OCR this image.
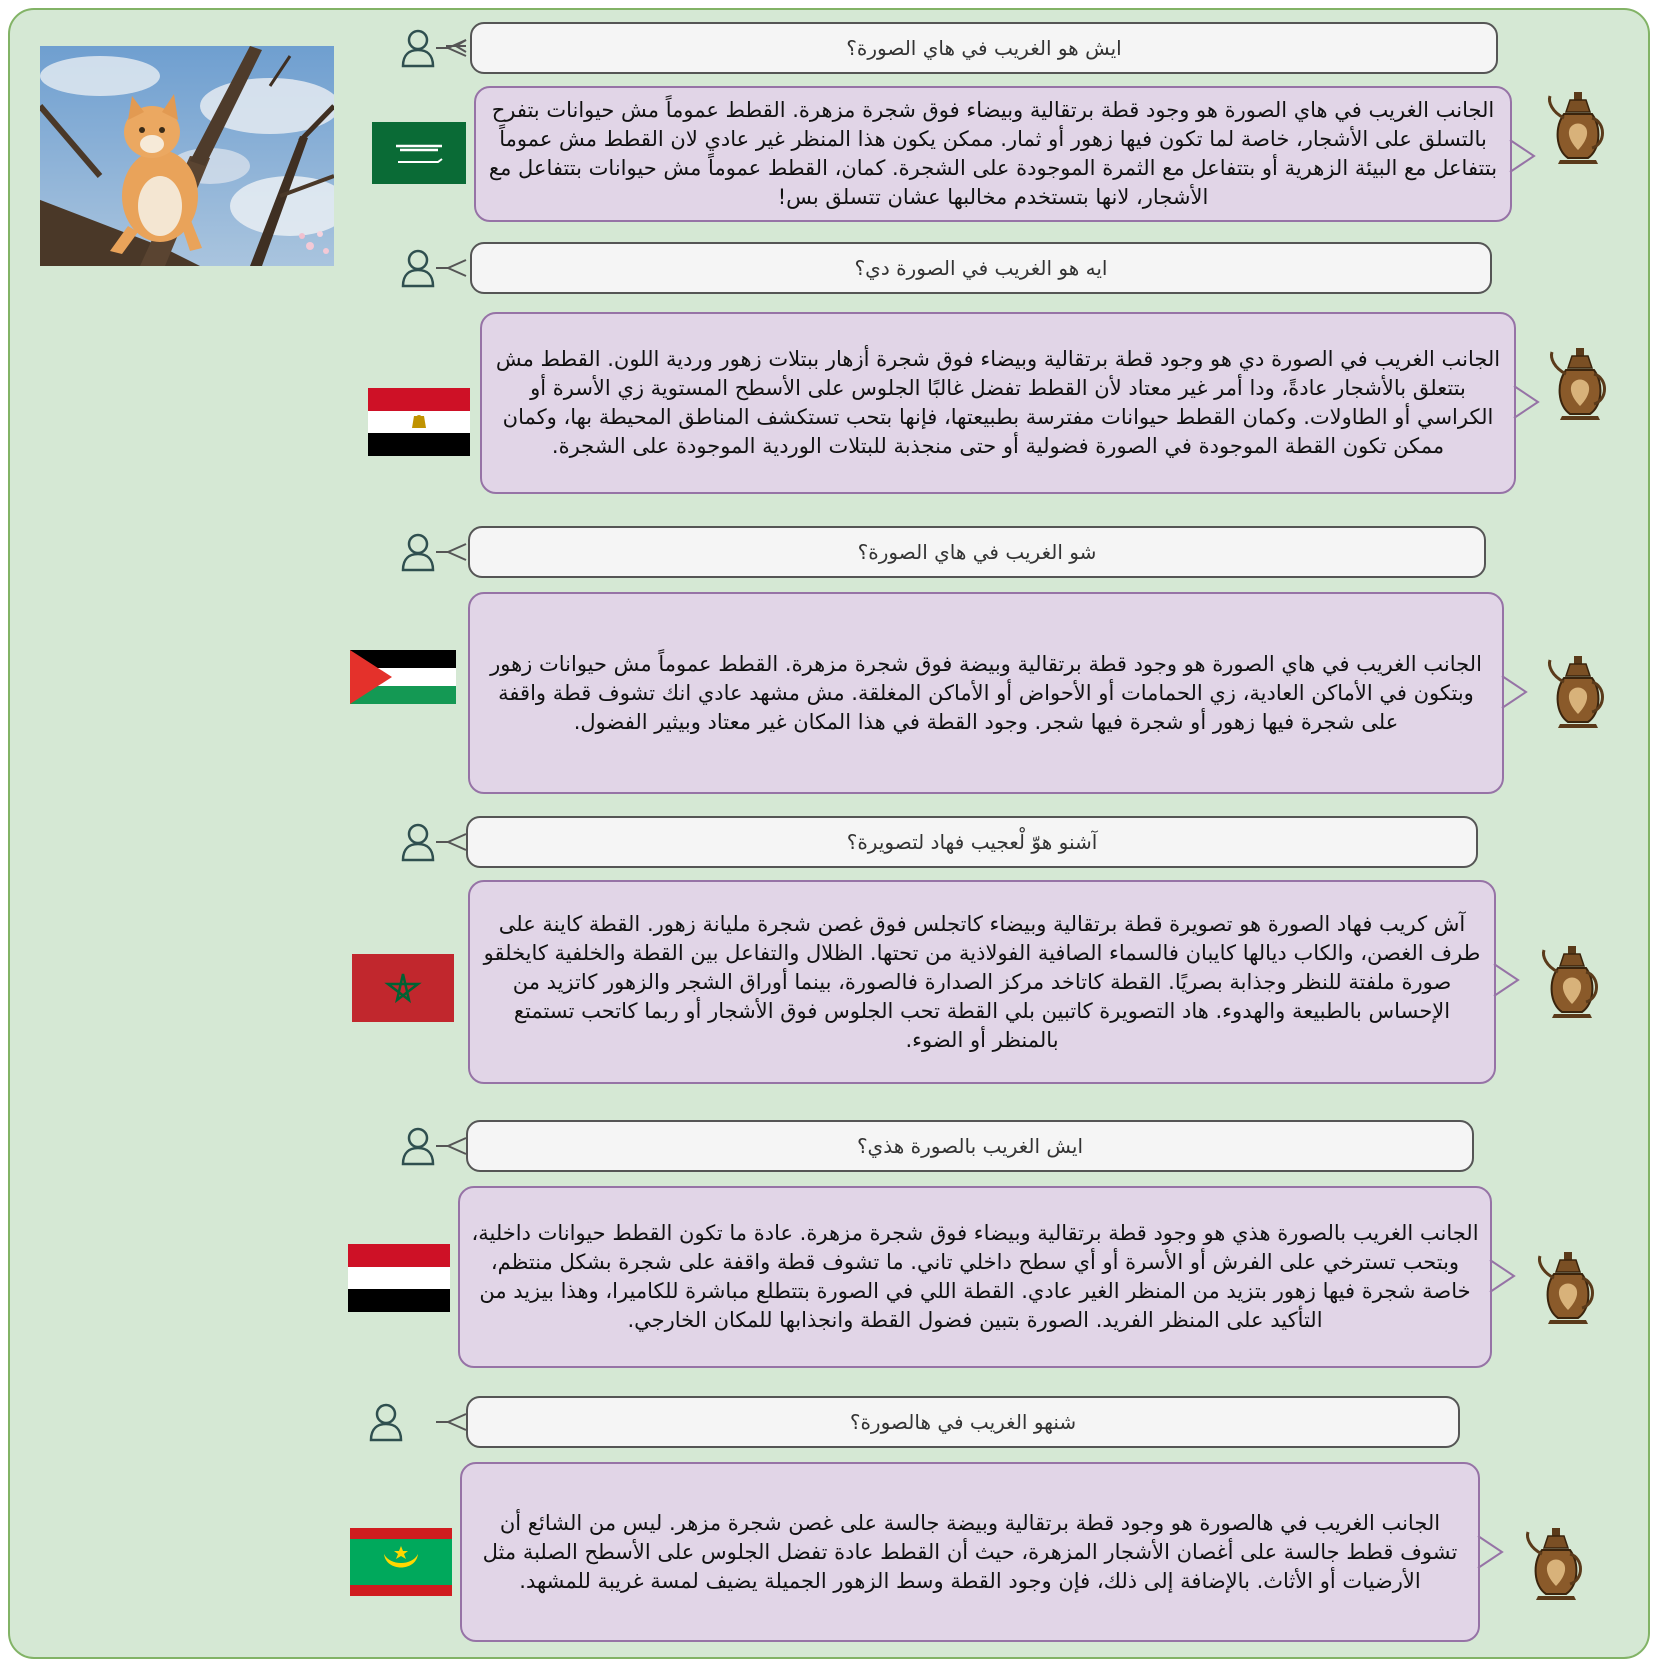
ايش هو الغريب في هاي الصورة؟
الجانب الغريب في هاي الصورة هو وجود قطة برتقالية وبيضاء فوق شجرة مزهرة. القطط عموماً مش حيوانات بتفرح بالتسلق على الأشجار، خاصة لما تكون فيها زهور أو ثمار. ممكن يكون هذا المنظر غير عادي لان القطط مش عموماً بتتفاعل مع البيئة الزهرية أو بتتفاعل مع الثمرة الموجودة على الشجرة. كمان، القطط عموماً مش حيوانات بتتفاعل مع الأشجار، لانها بتستخدم مخالبها عشان تتسلق بس!
ايه هو الغريب في الصورة دي؟
الجانب الغريب في الصورة دي هو وجود قطة برتقالية وبيضاء فوق شجرة أزهار ببتلات زهور وردية اللون. القطط مش بتتعلق بالأشجار عادةً، ودا أمر غير معتاد لأن القطط تفضل غالبًا الجلوس على الأسطح المستوية زي الأسرة أو الكراسي أو الطاولات. وكمان القطط حيوانات مفترسة بطبيعتها، فإنها بتحب تستكشف المناطق المحيطة بها، وكمان ممكن تكون القطة الموجودة في الصورة فضولية أو حتى منجذبة للبتلات الوردية الموجودة على الشجرة.
شو الغريب في هاي الصورة؟
الجانب الغريب في هاي الصورة هو وجود قطة برتقالية وبيضة فوق شجرة مزهرة. القطط عموماً مش حيوانات زهور وبتكون في الأماكن العادية، زي الحمامات أو الأحواض أو الأماكن المغلقة. مش مشهد عادي انك تشوف قطة واقفة على شجرة فيها زهور أو شجرة فيها شجر. وجود القطة في هذا المكان غير معتاد وبيثير الفضول.
آشنو هوّ لْعجيب فهاد لتصويرة؟
آش كريب فهاد الصورة هو تصويرة قطة برتقالية وبيضاء كاتجلس فوق غصن شجرة مليانة زهور. القطة كاينة على طرف الغصن، والكاب ديالها كايبان فالسماء الصافية الفولاذية من تحتها. الظلال والتفاعل بين القطة والخلفية كايخلقو صورة ملفتة للنظر وجذابة بصريًا. القطة كاتاخد مركز الصدارة فالصورة، بينما أوراق الشجر والزهور كاتزيد من الإحساس بالطبيعة والهدوء. هاد التصويرة كاتبين بلي القطة تحب الجلوس فوق الأشجار أو ربما كاتحب تستمتع بالمنظر أو الضوء.
ايش الغريب بالصورة هذي؟
الجانب الغريب بالصورة هذي هو وجود قطة برتقالية وبيضاء فوق شجرة مزهرة. عادة ما تكون القطط حيوانات داخلية، وبتحب تسترخي على الفرش أو الأسرة أو أي سطح داخلي تاني. ما تشوف قطة واقفة على شجرة بشكل منتظم، خاصة شجرة فيها زهور بتزيد من المنظر الغير عادي. القطة اللي في الصورة بتتطلع مباشرة للكاميرا، وهذا بيزيد من التأكيد على المنظر الفريد. الصورة بتبين فضول القطة وانجذابها للمكان الخارجي.
شنهو الغريب في هالصورة؟
الجانب الغريب في هالصورة هو وجود قطة برتقالية وبيضة جالسة على غصن شجرة مزهر. ليس من الشائع أن تشوف قطط جالسة على أغصان الأشجار المزهرة، حيث أن القطط عادة تفضل الجلوس على الأسطح الصلبة مثل الأرضيات أو الأثاث. بالإضافة إلى ذلك، فإن وجود القطة وسط الزهور الجميلة يضيف لمسة غريبة للمشهد.
